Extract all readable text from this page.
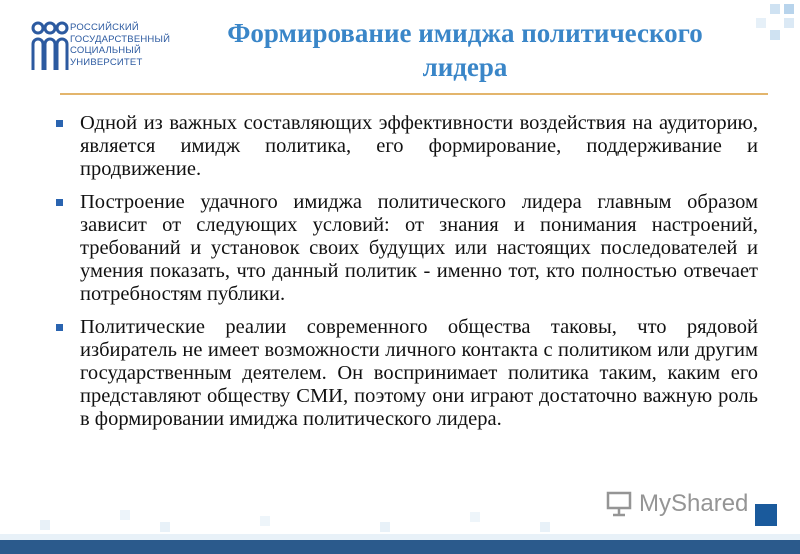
РОССИЙСКИЙ
ГОСУДАРСТВЕННЫЙ
СОЦИАЛЬНЫЙ
УНИВЕРСИТЕТ
Формирование имиджа политического
лидера
Одной из важных составляющих эффективности воздействия на аудиторию, является имидж политика, его формирование, поддерживание и продвижение.
Построение удачного имиджа политического лидера главным образом зависит от следующих условий: от знания и понимания настроений, требований и установок своих будущих или настоящих последователей и умения показать, что данный политик - именно тот, кто полностью отвечает потребностям публики.
Политические реалии современного общества таковы, что рядовой избиратель не имеет возможности личного контакта с политиком или другим государственным деятелем. Он воспринимает политика таким, каким его представляют обществу СМИ, поэтому они играют достаточно важную роль в формировании имиджа политического лидера.
MyShared
